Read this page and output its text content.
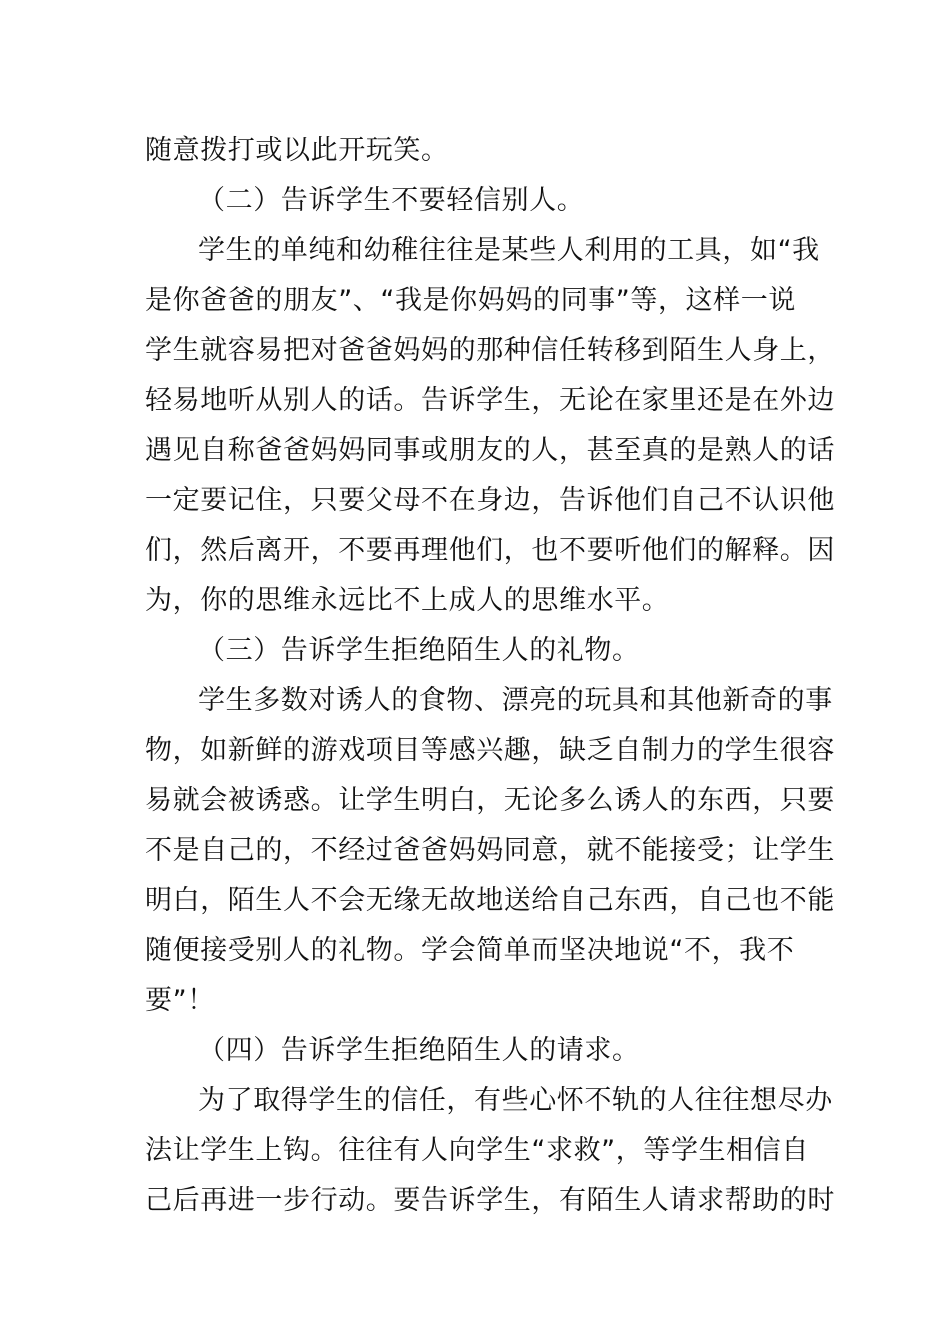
随意拨打或以此开玩笑。
（二）告诉学生不要轻信别人。
学生的单纯和幼稚往往是某些人利用的工具，如“我
是你爸爸的朋友”、“我是你妈妈的同事”等，这样一说
学生就容易把对爸爸妈妈的那种信任转移到陌生人身上，
轻易地听从别人的话。告诉学生，无论在家里还是在外边
遇见自称爸爸妈妈同事或朋友的人，甚至真的是熟人的话
一定要记住，只要父母不在身边，告诉他们自己不认识他
们，然后离开，不要再理他们，也不要听他们的解释。因
为，你的思维永远比不上成人的思维水平。
（三）告诉学生拒绝陌生人的礼物。
学生多数对诱人的食物、漂亮的玩具和其他新奇的事
物，如新鲜的游戏项目等感兴趣，缺乏自制力的学生很容
易就会被诱惑。让学生明白，无论多么诱人的东西，只要
不是自己的，不经过爸爸妈妈同意，就不能接受；让学生
明白，陌生人不会无缘无故地送给自己东西，自己也不能
随便接受别人的礼物。学会简单而坚决地说“不，我不
要”！
（四）告诉学生拒绝陌生人的请求。
为了取得学生的信任，有些心怀不轨的人往往想尽办
法让学生上钩。往往有人向学生“求救”，等学生相信自
己后再进一步行动。要告诉学生，有陌生人请求帮助的时
